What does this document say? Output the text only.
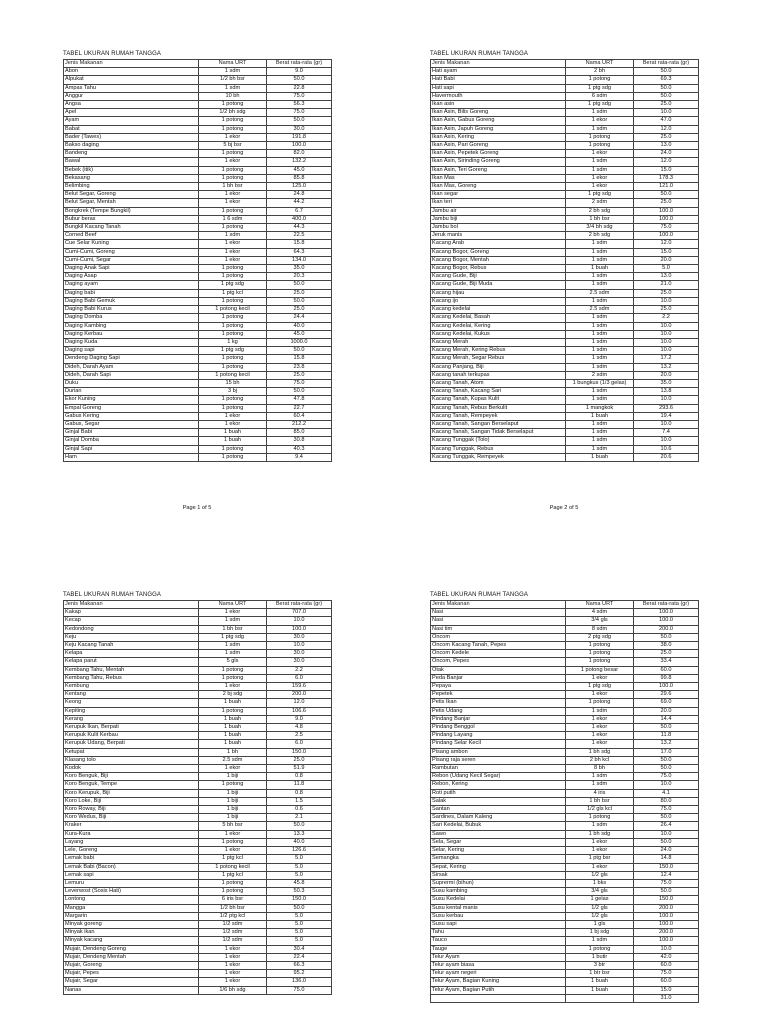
TABEL UKURAN RUMAH TANGGA
Jenis Makanan	Nama URT	Berat rata-rata (gr)
Abon	1 sdm	9.0
Alpukat	1/2 bh bsr	50.0
Ampas Tahu	1 sdm	22.8
Anggur	10 bh	75.0
Angsa	1 potong	56.3
Apel	1/2 bh sdg	75.0
Ayam	1 potong	50.0
Babat	1 potong	30.0
Bader (Tawes)	1 ekor	191.8
Bakso daging	5 bj bsr	100.0
Bandeng	1 potong	82.0
Bawal	1 ekor	132.2
Bebek (itik)	1 potong	45.0
Bekasang	1 potong	85.8
Belimbing	1 bh bsr	125.0
Belut Segar, Goreng	1 ekor	24.8
Belut Segar, Mentah	1 ekor	44.2
Bongkrek (Tempe Bungkil)	1 potong	6.7
Bubur beras	1 6 sdm	400.0
Bungkil Kacang Tanah	1 potong	44.3
Corned Beef	1 sdm	22.5
Cue Selar Kuning	1 ekor	15.8
Cumi-Cumi, Goreng	1 ekor	64.3
Cumi-Cumi, Segar	1 ekor	134.0
Daging Anak Sapi	1 potong	35.0
Daging Asap	1 potong	20.3
Daging ayam	1 ptg sdg	50.0
Daging babi	1 ptg kcl	25.0
Daging Babi Gemuk	1 potong	50.0
Daging Babi Kurus	1 potong kecil	25.0
Daging Domba	1 potong	24.4
Daging Kambing	1 potong	40.0
Daging Kerbau	1 potong	45.0
Daging Kuda	1 kg	1000.0
Daging sapi	1 ptg sdg	50.0
Dendeng Daging Sapi	1 potong	15.8
Dideh, Darah Ayam	1 potong	23.8
Dideh, Darah Sapi	1 potong kecil	25.0
Duku	15 bh	75.0
Durian	3 bj	50.0
Ekor Kuning	1 potong	47.8
Empal Goreng	1 potong	22.7
Gabus Kering	1 ekor	60.4
Gabus, Segar	1 ekor	212.2
Ginjal Babi	1 buah	85.0
Ginjal Domba	1 buah	30.8
Ginjal Sapi	1 potong	40.3
Ham	1 potong	9.4
Page 1 of 5
TABEL UKURAN RUMAH TANGGA
Jenis Makanan	Nama URT	Berat rata-rata (gr)
Hati ayam	2 bh	50.0
Hati Babi	1 potong	69.3
Hati sapi	1 ptg sdg	50.0
Havermouth	6 sdm	50.0
Ikan asin	1 ptg sdg	25.0
Ikan Asin, Bilis Goreng	1 sdm	10.0
Ikan Asin, Gabus Goreng	1 ekor	47.0
Ikan Asin, Japuh Goreng	1 sdm	12.0
Ikan Asin, Kering	1 potong	25.0
Ikan Asin, Pari Goreng	1 potong	13.0
Ikan Asin, Pepetek Goreng	1 ekor	24.0
Ikan Asin, Sirinding Goreng	1 sdm	12.0
Ikan Asin, Teri Goreng	1 sdm	15.0
Ikan Mas	1 ekor	178.3
Ikan Mas, Goreng	1 ekor	121.0
Ikan segar	1 ptg sdg	50.0
Ikan teri	2 sdm	25.0
Jambu air	2 bh sdg	100.0
Jambu biji	1 bh bsr	100.0
Jambu bol	3/4 bh sdg	75.0
Jeruk manis	2 bh sdg	100.0
Kacang Arab	1 sdm	12.0
Kacang Bogor, Goreng	1 sdm	15.0
Kacang Bogor, Mentah	1 sdm	20.0
Kacang Bogor, Rebus	1 buah	5.0
Kacang Gude, Biji	1 sdm	13.0
Kacang Gude, Biji Muda	1 sdm	21.0
Kacang hijau	2.5 sdm	25.0
Kacang ijo	1 sdm	10.0
Kacang kedelai	2.5 sdm	25.0
Kacang Kedelai, Basah	1 sdm	2.2
Kacang Kedelai, Kering	1 sdm	10.0
Kacang Kedelai, Kukus	1 sdm	10.0
Kacang Merah	1 sdm	10.0
Kacang Merah, Kering Rebus	1 sdm	10.0
Kacang Merah, Segar Rebus	1 sdm	17.2
Kacang Panjang, Biji	1 sdm	13.2
Kacang tanah terkupas	2 sdm	20.0
Kacang Tanah, Atom	1 bungkus (1/3 gelas)	35.0
Kacang Tanah, Kacang Sari	1 sdm	13.8
Kacang Tanah, Kupas Kulit	1 sdm	10.0
Kacang Tanah, Rebus Berkulit	1 mangkok	293.6
Kacang Tanah, Rempeyek	1 buah	19.4
Kacang Tanah, Sangan Berselaput	1 sdm	10.0
Kacang Tanah, Sangan Tidak Berselaput	1 sdm	7.4
Kacang Tunggak (Tolo)	1 sdm	10.0
Kacang Tunggak, Rebus	1 sdm	10.6
Kacang Tunggak, Rempeyek	1 buah	20.6
Page 2 of 5
TABEL UKURAN RUMAH TANGGA
Jenis Makanan	Nama URT	Berat rata-rata (gr)
Kakap	1 ekor	707.0
Kecap	1 sdm	10.0
Kedondong	1 bh bsr	100.0
Keju	1 ptg sdg	30.0
Keju Kacang Tanah	1 sdm	10.0
Kelapa	1 sdm	30.0
Kelapa parut	5 gls	30.0
Kembang Tahu, Mentah	1 potong	2.2
Kembang Tahu, Rebus	1 potong	6.0
Kembung	1 ekor	159.6
Kentang	2 bj sdg	200.0
Keong	1 buah	12.0
Kepiting	1 potong	106.6
Kerang	1 buah	9.0
Kerupuk Ikan, Berpati	1 buah	4.8
Kerupuk Kulit Kerbau	1 buah	2.5
Kerupuk Udang, Berpati	1 buah	6.0
Ketupat	1 bh	150.0
Klasang tolo	2.5 sdm	25.0
Kodok	1 ekor	51.9
Koro Benguk, Biji	1 biji	0.8
Koro Benguk, Tempe	1 potong	11.8
Koro Kerupuk, Biji	1 biji	0.8
Koro Loke, Biji	1 biji	1.5
Koro Roway, Biji	1 biji	0.6
Koro Wedus, Biji	1 biji	2.1
Kraker	5 bh bsr	50.0
Kura-Kura	1 ekor	13.3
Layang	1 potong	40.0
Lele, Goreng	1 ekor	126.6
Lemak babi	1 ptg kcl	5.0
Lemak Babi (Bacon)	1 potong kecil	5.0
Lemak sapi	1 ptg kcl	5.0
Lemuru	1 potong	45.8
Leverwost (Sosis Hati)	1 potong	50.3
Lontong	6 iris bsr	150.0
Mangga	1/2 bh bsr	50.0
Margarin	1/2 ptg kcl	5.0
Minyak goreng	1/2 sdm	5.0
Minyak ikan	1/2 sdm	5.0
Minyak kacang	1/2 sdm	5.0
Mujair, Dendeng Goreng	1 ekor	30.4
Mujair, Dendeng Mentah	1 ekor	22.4
Mujair, Goreng	1 ekor	66.3
Mujair, Pepes	1 ekor	95.2
Mujair, Segar	1 ekor	136.0
Nanas	1/6 bh sdg	75.0
TABEL UKURAN RUMAH TANGGA
Jenis Makanan	Nama URT	Berat rata-rata (gr)
Nasi	4 sdm	100.0
Nasi	3/4 gls	100.0
Nasi tim	8 sdm	200.0
Oncom	2 ptg sdg	50.0
Oncom Kacang Tanah, Pepes	1 potong	38.0
Oncom Kedele	1 potong	25.0
Oncom, Pepes	1 potong	33.4
Otak	1 potong besar	60.0
Peda Banjar	1 ekor	99.8
Pepaya	1 ptg sdg	100.0
Pepetek	1 ekor	29.6
Petis Ikan	1 potong	69.0
Petis Udang	1 sdm	20.0
Pindang Banjar	1 ekor	14.4
Pindang Benggol	1 ekor	50.0
Pindang Layang	1 ekor	11.8
Pindang Selar Kecil	1 ekor	13.2
Pisang ambon	1 bh sdg	17.0
Pisang raja seren	2 bh kcl	50.0
Rambutan	8 bh	50.0
Rebon (Udang Kecil Segar)	1 sdm	75.0
Rebon, Kering	1 sdm	10.0
Roti putih	4 iris	4.1
Salak	1 bh bsr	80.0
Santan	1/2 gls kcl	75.0
Sardines, Dalam Kaleng	1 potong	50.0
Sari Kedelai, Bubuk	1 sdm	26.4
Sawo	1 bh sdg	10.0
Sela, Segar	1 ekor	50.0
Selar, Kering	1 ekor	24.0
Semangka	1 ptg bsr	14.8
Sepat, Kering	1 ekor	150.0
Sirsak	1/2 gls	12.4
Suprermi (bihun)	1 bks	75.0
Susu kambing	3/4 gls	50.0
Susu Kedelai	1 gelas	150.0
Susu kental manis	1/2 gls	200.0
Susu kerbau	1/2 gls	100.0
Susu sapi	1 gls	100.0
Tahu	1 bj sdg	200.0
Tauco	1 sdm	100.0
Tauge	1 potong	10.0
Telur Ayam	1 butir	42.0
Telur ayam biasa	3 btr	60.0
Telur ayam negeri	1 btr bsr	75.0
Telur Ayam, Bagian Kuning	1 buah	60.0
Telur Ayam, Bagian Putih	1 buah	15.0
		31.0
